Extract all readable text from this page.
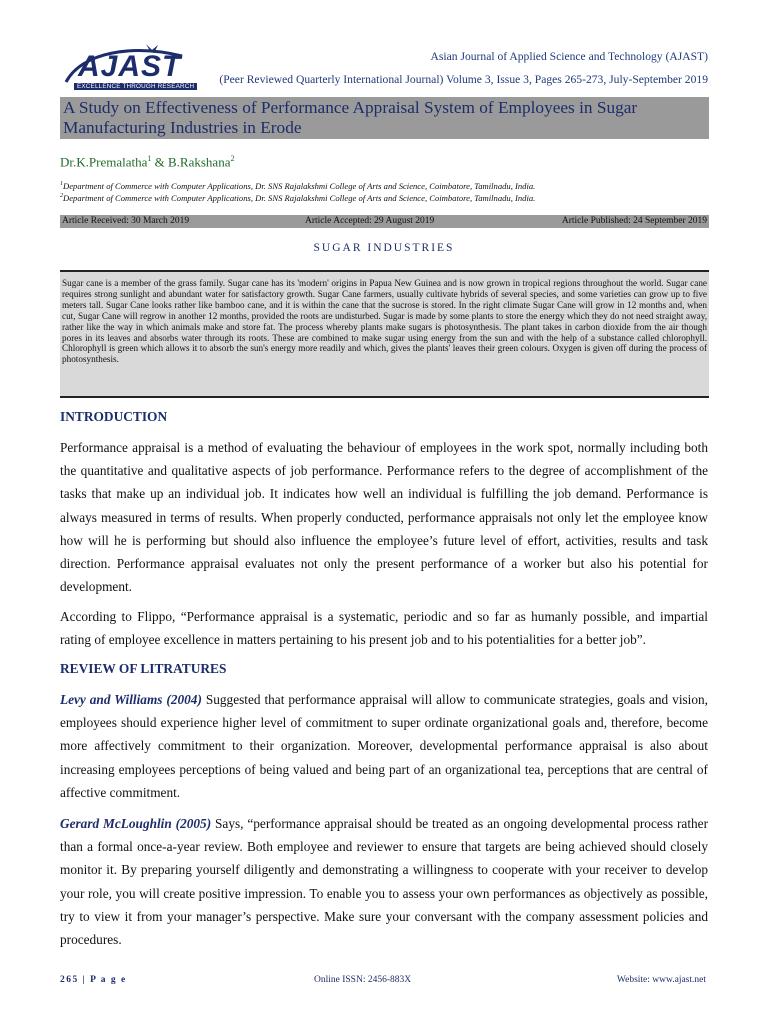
AJAST
EXCELLENCE THROUGH RESEARCH
Asian Journal of Applied Science and Technology (AJAST)
(Peer Reviewed Quarterly International Journal) Volume 3, Issue 3, Pages 265-273, July-September 2019
A Study on Effectiveness of Performance Appraisal System of Employees in Sugar Manufacturing Industries in Erode
Dr.K.Premalatha$^1$ & B.Rakshana$^2$
$^1$Department of Commerce with Computer Applications, Dr. SNS Rajalakshmi College of Arts and Science, Coimbatore, Tamilnadu, India.
$^2$Department of Commerce with Computer Applications, Dr. SNS Rajalakshmi College of Arts and Science, Coimbatore, Tamilnadu, India.
Article Received: 30 March 2019	Article Accepted: 29 August 2019	Article Published: 24 September 2019
SUGAR INDUSTRIES
Sugar cane is a member of the grass family. Sugar cane has its 'modern' origins in Papua New Guinea and is now grown in tropical regions throughout the world. Sugar cane requires strong sunlight and abundant water for satisfactory growth. Sugar Cane farmers, usually cultivate hybrids of several species, and some varieties can grow up to five meters tall. Sugar Cane looks rather like bamboo cane, and it is within the cane that the sucrose is stored. In the right climate Sugar Cane will grow in 12 months and, when cut, Sugar Cane will regrow in another 12 months, provided the roots are undisturbed. Sugar is made by some plants to store the energy which they do not need straight away, rather like the way in which animals make and store fat. The process whereby plants make sugars is photosynthesis. The plant takes in carbon dioxide from the air though pores in its leaves and absorbs water through its roots. These are combined to make sugar using energy from the sun and with the help of a substance called chlorophyll. Chlorophyll is green which allows it to absorb the sun's energy more readily and which, gives the plants' leaves their green colours. Oxygen is given off during the process of photosynthesis.
INTRODUCTION

Performance appraisal is a method of evaluating the behaviour of employees in the work spot, normally including both the quantitative and qualitative aspects of job performance. Performance refers to the degree of accomplishment of the tasks that make up an individual job. It indicates how well an individual is fulfilling the job demand. Performance is always measured in terms of results. When properly conducted, performance appraisals not only let the employee know how will he is performing but should also influence the employee’s future level of effort, activities, results and task direction. Performance appraisal evaluates not only the present performance of a worker but also his potential for development.

According to Flippo, “Performance appraisal is a systematic, periodic and so far as humanly possible, and impartial rating of employee excellence in matters pertaining to his present job and to his potentialities for a better job”.

REVIEW OF LITRATURES

Levy and Williams (2004) Suggested that performance appraisal will allow to communicate strategies, goals and vision, employees should experience higher level of commitment to super ordinate organizational goals and, therefore, become more affectively commitment to their organization. Moreover, developmental performance appraisal is also about increasing employees perceptions of being valued and being part of an organizational tea, perceptions that are central of affective commitment.

Gerard McLoughlin (2005) Says, “performance appraisal should be treated as an ongoing developmental process rather than a formal once-a-year review. Both employee and reviewer to ensure that targets are being achieved should closely monitor it. By preparing yourself diligently and demonstrating a willingness to cooperate with your receiver to develop your role, you will create positive impression. To enable you to assess your own performances as objectively as possible, try to view it from your manager’s perspective. Make sure your conversant with the company assessment policies and procedures.

265 | P a g e	Online ISSN: 2456-883X	Website: www.ajast.net
